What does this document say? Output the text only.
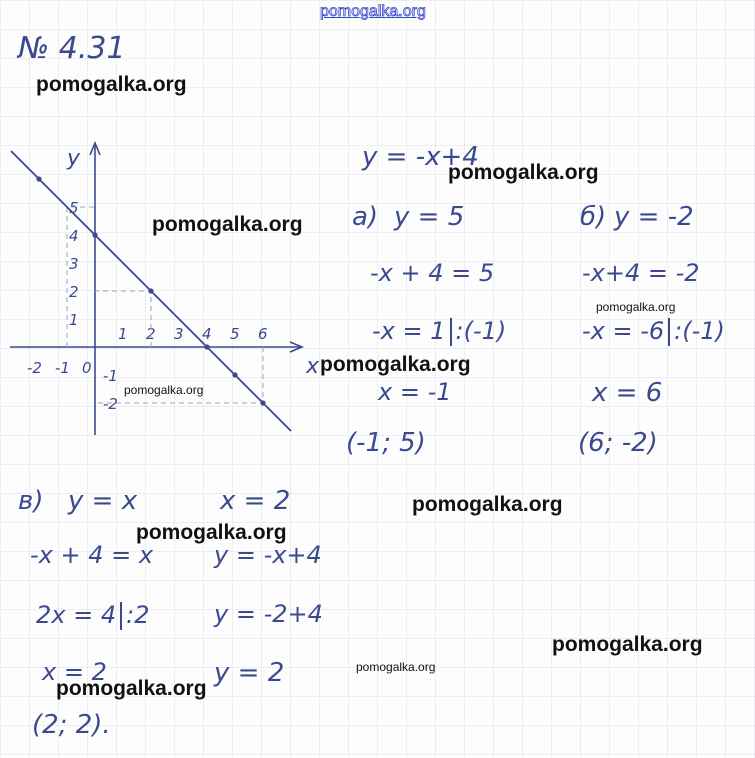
pomogalka.org
№ 4.31
y
-2 -1 0
1 2 3 4 5 6
5
4
3
2
1
-1
-2
x
y = -x+4
а) y = 5
-x + 4 = 5
-x = 1 :(-1)
x = -1
(-1; 5)
б) y = -2
-x+4 = -2
-x = -6 :(-1)
x = 6
(6; -2)
в) y = x
-x + 4 = x
2x = 4 :2
x = 2
(2; 2).
x = 2
y = -x+4
y = -2+4
y = 2
pomogalka.org
pomogalka.org
pomogalka.org
pomogalka.org
pomogalka.org
pomogalka.org
pomogalka.org
pomogalka.org
pomogalka.org
pomogalka.org
pomogalka.org
